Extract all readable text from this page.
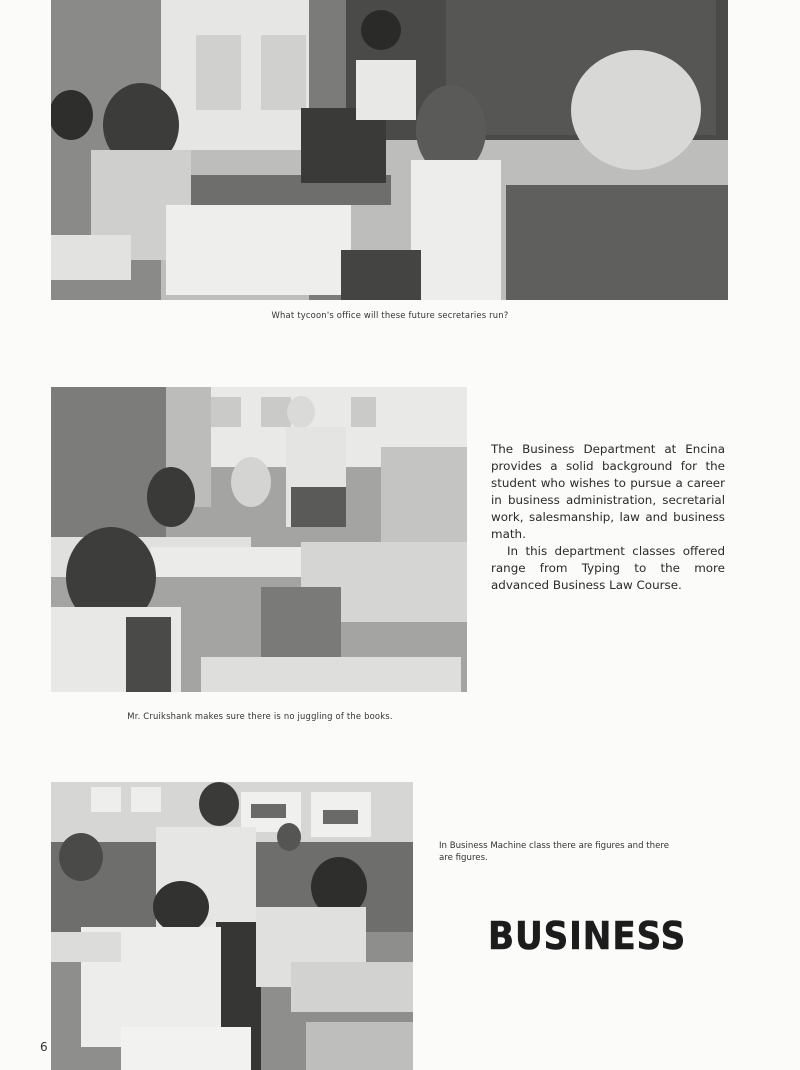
What tycoon's office will these future secretaries run?
Mr. Cruikshank makes sure there is no juggling of the books.

The Business Department at Encina provides a solid background for the student who wishes to pursue a career in business administration, secretarial work, salesmanship, law and business math.

In this department classes offered range from Typing to the more advanced Business Law Course.

In Business Machine class there are figures and there are figures.
BUSINESS
6
